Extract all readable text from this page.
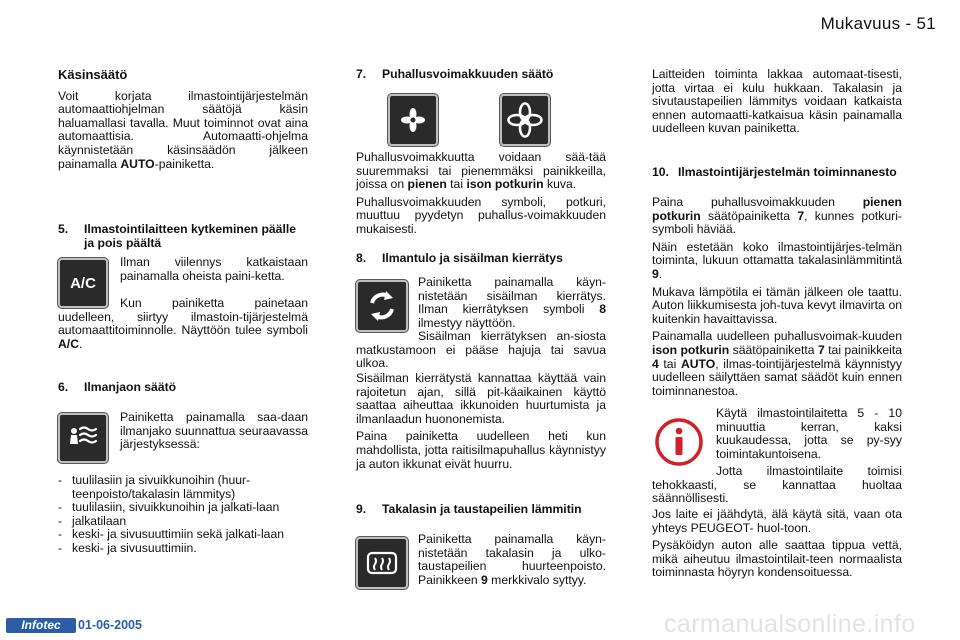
Mukavuus - 51
Käsinsäätö

Voit korjata ilmastointijärjestelmän automaattiohjelman säätöjä käsin haluamallasi tavalla. Muut toiminnot ovat aina automaattisia. Automaatti-ohjelma käynnistetään käsinsäädön jälkeen painamalla AUTO-painiketta.

5.	Ilmastointilaitteen kytkeminen päälle ja pois päältä
A/C

Ilman viilennys katkaistaan painamalla oheista paini-ketta.

Kun painiketta painetaan uudelleen, siirtyy ilmastoin-tijärjestelmä automaattitoiminnolle. Näyttöön tulee symboli A/C.

6.	Ilmanjaon säätö

Painiketta painamalla saa-daan ilmanjako suunnattua seuraavassa järjestyksessä:

- tuulilasiin ja sivuikkunoihin (huur-teenpoisto/takalasin lämmitys)
- tuulilasiin, sivuikkunoihin ja jalkati-laan
- jalkatilaan
- keski- ja sivusuuttimiin sekä jalkati-laan
- keski- ja sivusuuttimiin.
7.	Puhallusvoimakkuuden säätö

Puhallusvoimakkuutta voidaan sää-tää suuremmaksi tai pienemmäksi painikkeilla, joissa on pienen tai ison potkurin kuva.

Puhallusvoimakkuuden symboli, potkuri, muuttuu pyydetyn puhallus-voimakkuuden mukaisesti.

8.	Ilmantulo ja sisäilman kierrätys

Painiketta painamalla käyn-nistetään sisäilman kierrätys. Ilman kierrätyksen symboli 8 ilmestyy näyttöön.

Sisäilman kierrätyksen an-siosta matkustamoon ei pääse hajuja tai savua ulkoa.

Sisäilman kierrätystä kannattaa käyttää vain rajoitetun ajan, sillä pit-käaikainen käyttö saattaa aiheuttaa ikkunoiden huurtumista ja ilmanlaadun huononemista.

Paina painiketta uudelleen heti kun mahdollista, jotta raitisilmapuhallus käynnistyy ja auton ikkunat eivät huurru.

9.	Takalasin ja taustapeilien lämmitin

Painiketta painamalla käyn-nistetään takalasin ja ulko-taustapeilien huurteenpoisto. Painikkeen 9 merkkivalo syttyy.

Laitteiden toiminta lakkaa automaat-tisesti, jotta virtaa ei kulu hukkaan. Takalasin ja sivutaustapeilien lämmitys voidaan katkaista ennen automaatti-katkaisua käsin painamalla uudelleen kuvan painiketta.

10. Ilmastointijärjestelmän toiminnanesto

Paina puhallusvoimakkuuden pienen potkurin säätöpainiketta 7, kunnes potkuri-symboli häviää.

Näin estetään koko ilmastointijärjes-telmän toiminta, lukuun ottamatta takalasinlämmitintä 9.

Mukava lämpötila ei tämän jälkeen ole taattu. Auton liikkumisesta joh-tuva kevyt ilmavirta on kuitenkin havaittavissa.

Painamalla uudelleen puhallusvoimak-kuuden ison potkurin säätöpainiketta 7 tai painikkeita 4 tai AUTO, ilmas-tointijärjestelmä käynnistyy uudelleen säilyttäen samat säädöt kuin ennen toiminnanestoa.

Käytä ilmastointilaitetta 5 - 10 minuuttia kerran, kaksi kuukaudessa, jotta se py-syy toimintakuntoisena.

Jotta ilmastointilaite toimisi tehokkaasti, se kannattaa huoltaa säännöllisesti.

Jos laite ei jäähdytä, älä käytä sitä, vaan ota yhteys PEUGEOT- huol-toon.

Pysäköidyn auton alle saattaa tippua vettä, mikä aiheutuu ilmastointilait-teen normaalista toiminnasta höyryn kondensoituessa.

Infotec	01-06-2005	carmanualsonline.info
